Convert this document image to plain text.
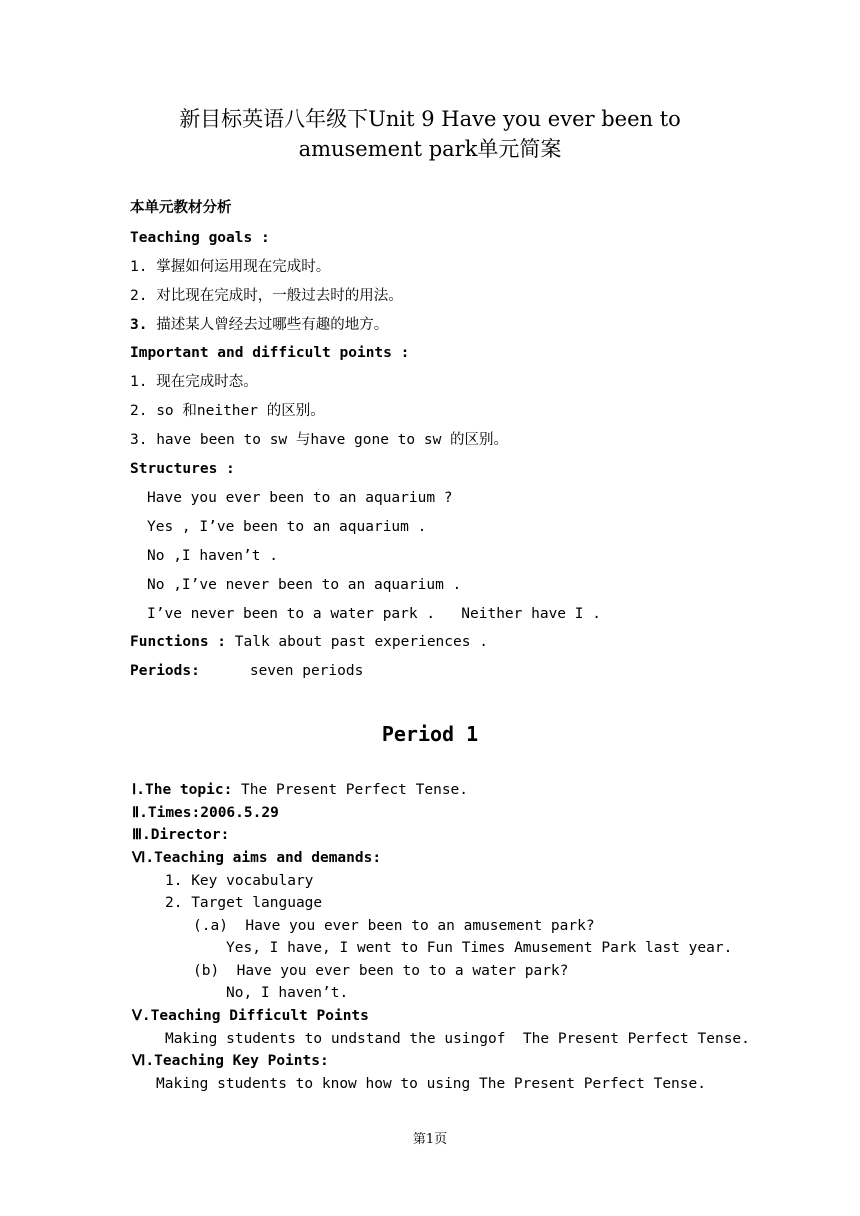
新目标英语八年级下Unit 9 Have you ever been to
amusement park单元简案
本单元教材分析
Teaching goals :
1. 掌握如何运用现在完成时。
2. 对比现在完成时，一般过去时的用法。
3. 描述某人曾经去过哪些有趣的地方。
Important and difficult points :
1. 现在完成时态。
2. so 和neither 的区别。
3. have been to sw 与have gone to sw 的区别。
Structures :
Have you ever been to an aquarium ?
Yes , I’ve been to an aquarium .
No ,I haven’t .
No ,I’ve never been to an aquarium .
I’ve never been to a water park .   Neither have I .
Functions : Talk about past experiences .
Periods:	seven periods
Period 1
Ⅰ.The topic: The Present Perfect Tense.
Ⅱ.Times:2006.5.29
Ⅲ.Director:
Ⅵ.Teaching aims and demands:
1. Key vocabulary
2. Target language
(.a)  Have you ever been to an amusement park?
Yes, I have, I went to Fun Times Amusement Park last year.
(b)  Have you ever been to to a water park?
No, I haven’t.
Ⅴ.Teaching Difficult Points
Making students to undstand the usingof  The Present Perfect Tense.
Ⅵ.Teaching Key Points:
Making students to know how to using The Present Perfect Tense.
第1页
